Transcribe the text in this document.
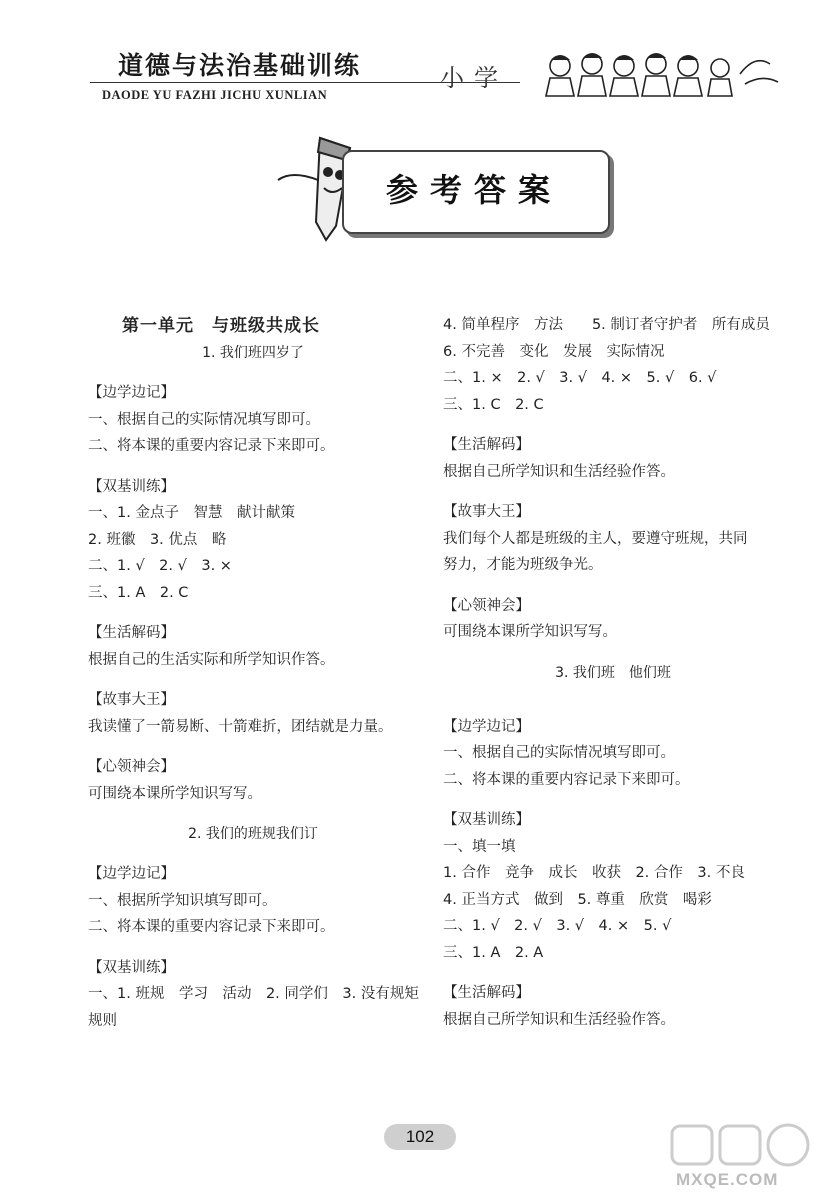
道德与法治基础训练
DAODE YU FAZHI JICHU XUNLIAN
小学
参考答案
第一单元　与班级共成长
1. 我们班四岁了
【边学边记】
一、根据自己的实际情况填写即可。
二、将本课的重要内容记录下来即可。
【双基训练】
一、1. 金点子　智慧　献计献策
2. 班徽　3. 优点　略
二、1. √　2. √　3. ×
三、1. A　2. C
【生活解码】
根据自己的生活实际和所学知识作答。
【故事大王】
我读懂了一箭易断、十箭难折，团结就是力量。
【心领神会】
可围绕本课所学知识写写。
2. 我们的班规我们订
【边学边记】
一、根据所学知识填写即可。
二、将本课的重要内容记录下来即可。
【双基训练】
一、1. 班规　学习　活动　2. 同学们　3. 没有规矩
规则
4. 简单程序　方法　　5. 制订者守护者　所有成员
6. 不完善　变化　发展　实际情况
二、1. ×　2. √　3. √　4. ×　5. √　6. √
三、1. C　2. C
【生活解码】
根据自己所学知识和生活经验作答。
【故事大王】
我们每个人都是班级的主人，要遵守班规，共同
努力，才能为班级争光。
【心领神会】
可围绕本课所学知识写写。
3. 我们班　他们班
【边学边记】
一、根据自己的实际情况填写即可。
二、将本课的重要内容记录下来即可。
【双基训练】
一、填一填
1. 合作　竞争　成长　收获　2. 合作　3. 不良
4. 正当方式　做到　5. 尊重　欣赏　喝彩
二、1. √　2. √　3. √　4. ×　5. √
三、1. A　2. A
【生活解码】
根据自己所学知识和生活经验作答。
102
MXQE.COM
